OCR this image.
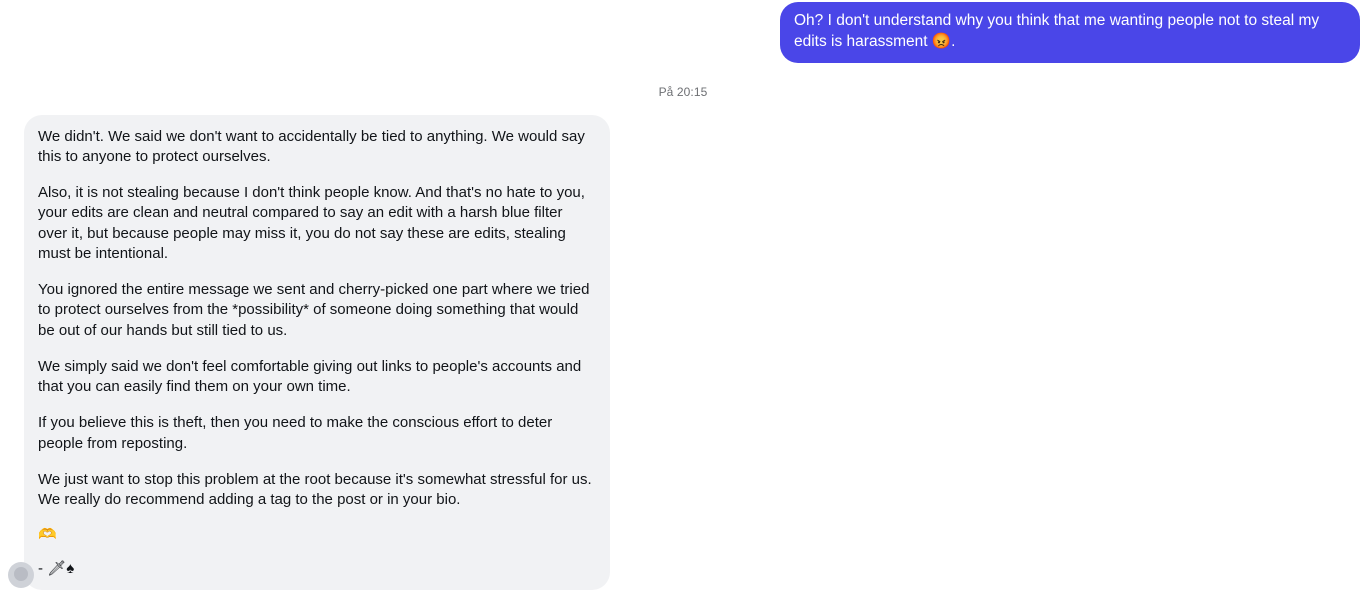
Oh? I don't understand why you think that me wanting people not to steal my edits is harassment 😡.
På 20:15

We didn't. We said we don't want to accidentally be tied to anything. We would say this to anyone to protect ourselves.

Also, it is not stealing because I don't think people know. And that's no hate to you, your edits are clean and neutral compared to say an edit with a harsh blue filter over it, but because people may miss it, you do not say these are edits, stealing must be intentional.

You ignored the entire message we sent and cherry-picked one part where we tried to protect ourselves from the *possibility* of someone doing something that would be out of our hands but still tied to us.

We simply said we don't feel comfortable giving out links to people's accounts and that you can easily find them on your own time.

If you believe this is theft, then you need to make the conscious effort to deter people from reposting.

We just want to stop this problem at the root because it's somewhat stressful for us. We really do recommend adding a tag to the post or in your bio.

🫶
- 🗡♠
